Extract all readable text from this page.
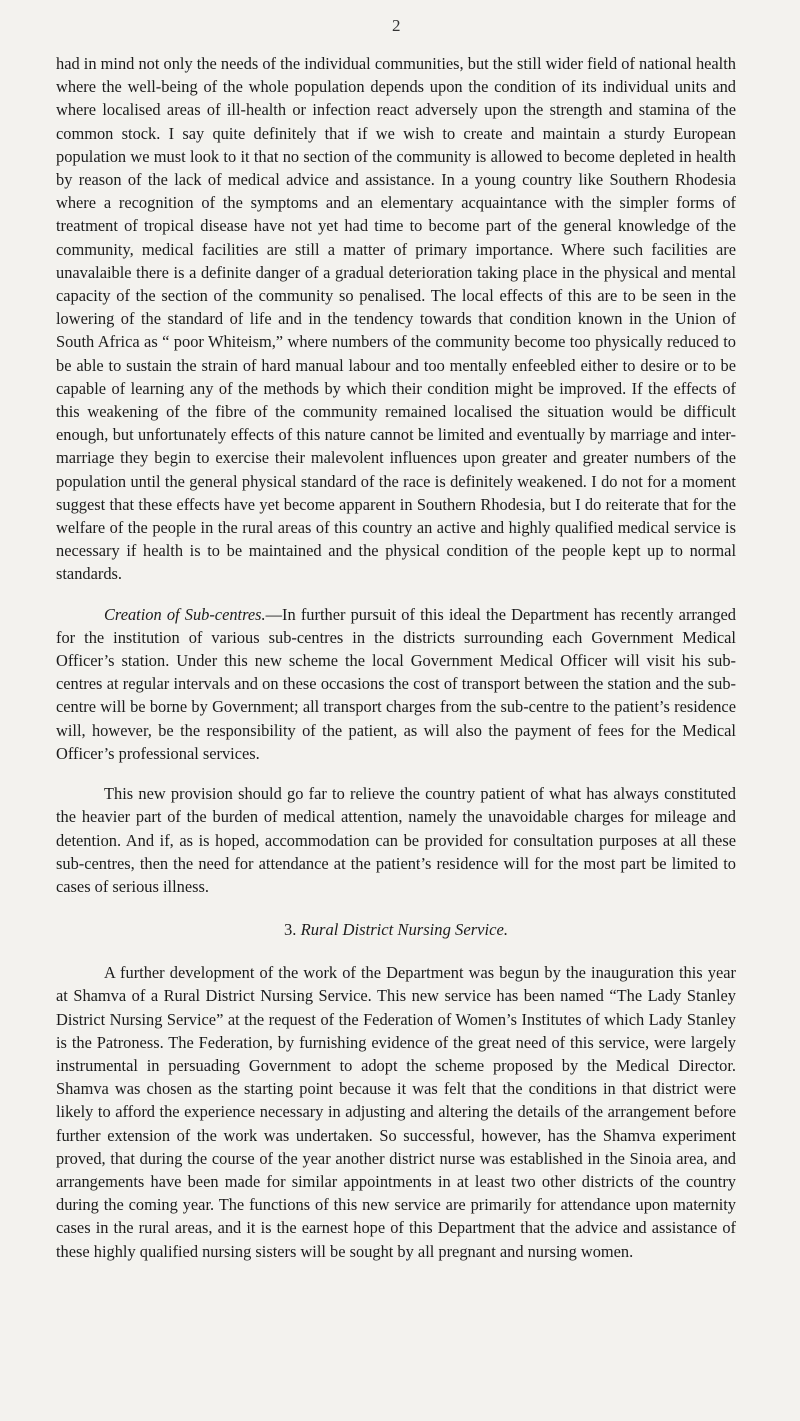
2

had in mind not only the needs of the individual communities, but the still wider field of national health where the well-being of the whole population depends upon the condition of its individual units and where localised areas of ill-health or infection react adversely upon the strength and stamina of the common stock. I say quite definitely that if we wish to create and maintain a sturdy European population we must look to it that no section of the community is allowed to become depleted in health by reason of the lack of medical advice and assistance. In a young country like Southern Rhodesia where a recognition of the symptoms and an elementary acquaintance with the simpler forms of treatment of tropical disease have not yet had time to become part of the general knowledge of the community, medical facilities are still a matter of primary importance. Where such facilities are unavalaible there is a definite danger of a gradual deterioration taking place in the physical and mental capacity of the section of the community so penalised. The local effects of this are to be seen in the lowering of the standard of life and in the tendency towards that condition known in the Union of South Africa as “ poor Whiteism,” where numbers of the community become too physically reduced to be able to sustain the strain of hard manual labour and too mentally enfeebled either to desire or to be capable of learning any of the methods by which their condition might be improved. If the effects of this weakening of the fibre of the community remained localised the situation would be difficult enough, but unfortunately effects of this nature cannot be limited and eventually by marriage and inter-marriage they begin to exercise their malevolent influences upon greater and greater numbers of the population until the general physical standard of the race is definitely weakened. I do not for a moment suggest that these effects have yet become apparent in Southern Rhodesia, but I do reiterate that for the welfare of the people in the rural areas of this country an active and highly qualified medical service is necessary if health is to be maintained and the physical condition of the people kept up to normal standards.

Creation of Sub-centres.—In further pursuit of this ideal the Department has recently arranged for the institution of various sub-centres in the districts surrounding each Government Medical Officer’s station. Under this new scheme the local Government Medical Officer will visit his sub-centres at regular intervals and on these occasions the cost of transport between the station and the sub-centre will be borne by Government; all transport charges from the sub-centre to the patient’s residence will, however, be the responsibility of the patient, as will also the payment of fees for the Medical Officer’s professional services.

This new provision should go far to relieve the country patient of what has always constituted the heavier part of the burden of medical attention, namely the unavoidable charges for mileage and detention. And if, as is hoped, accommodation can be provided for consultation purposes at all these sub-centres, then the need for attendance at the patient’s residence will for the most part be limited to cases of serious illness.

3. Rural District Nursing Service.

A further development of the work of the Department was begun by the inauguration this year at Shamva of a Rural District Nursing Service. This new service has been named “The Lady Stanley District Nursing Service” at the request of the Federation of Women’s Institutes of which Lady Stanley is the Patroness. The Federation, by furnishing evidence of the great need of this service, were largely instrumental in persuading Government to adopt the scheme proposed by the Medical Director. Shamva was chosen as the starting point because it was felt that the conditions in that district were likely to afford the experience necessary in adjusting and altering the details of the arrangement before further extension of the work was undertaken. So successful, however, has the Shamva experiment proved, that during the course of the year another district nurse was established in the Sinoia area, and arrangements have been made for similar appointments in at least two other districts of the country during the coming year. The functions of this new service are primarily for attendance upon maternity cases in the rural areas, and it is the earnest hope of this Department that the advice and assistance of these highly qualified nursing sisters will be sought by all pregnant and nursing women.
